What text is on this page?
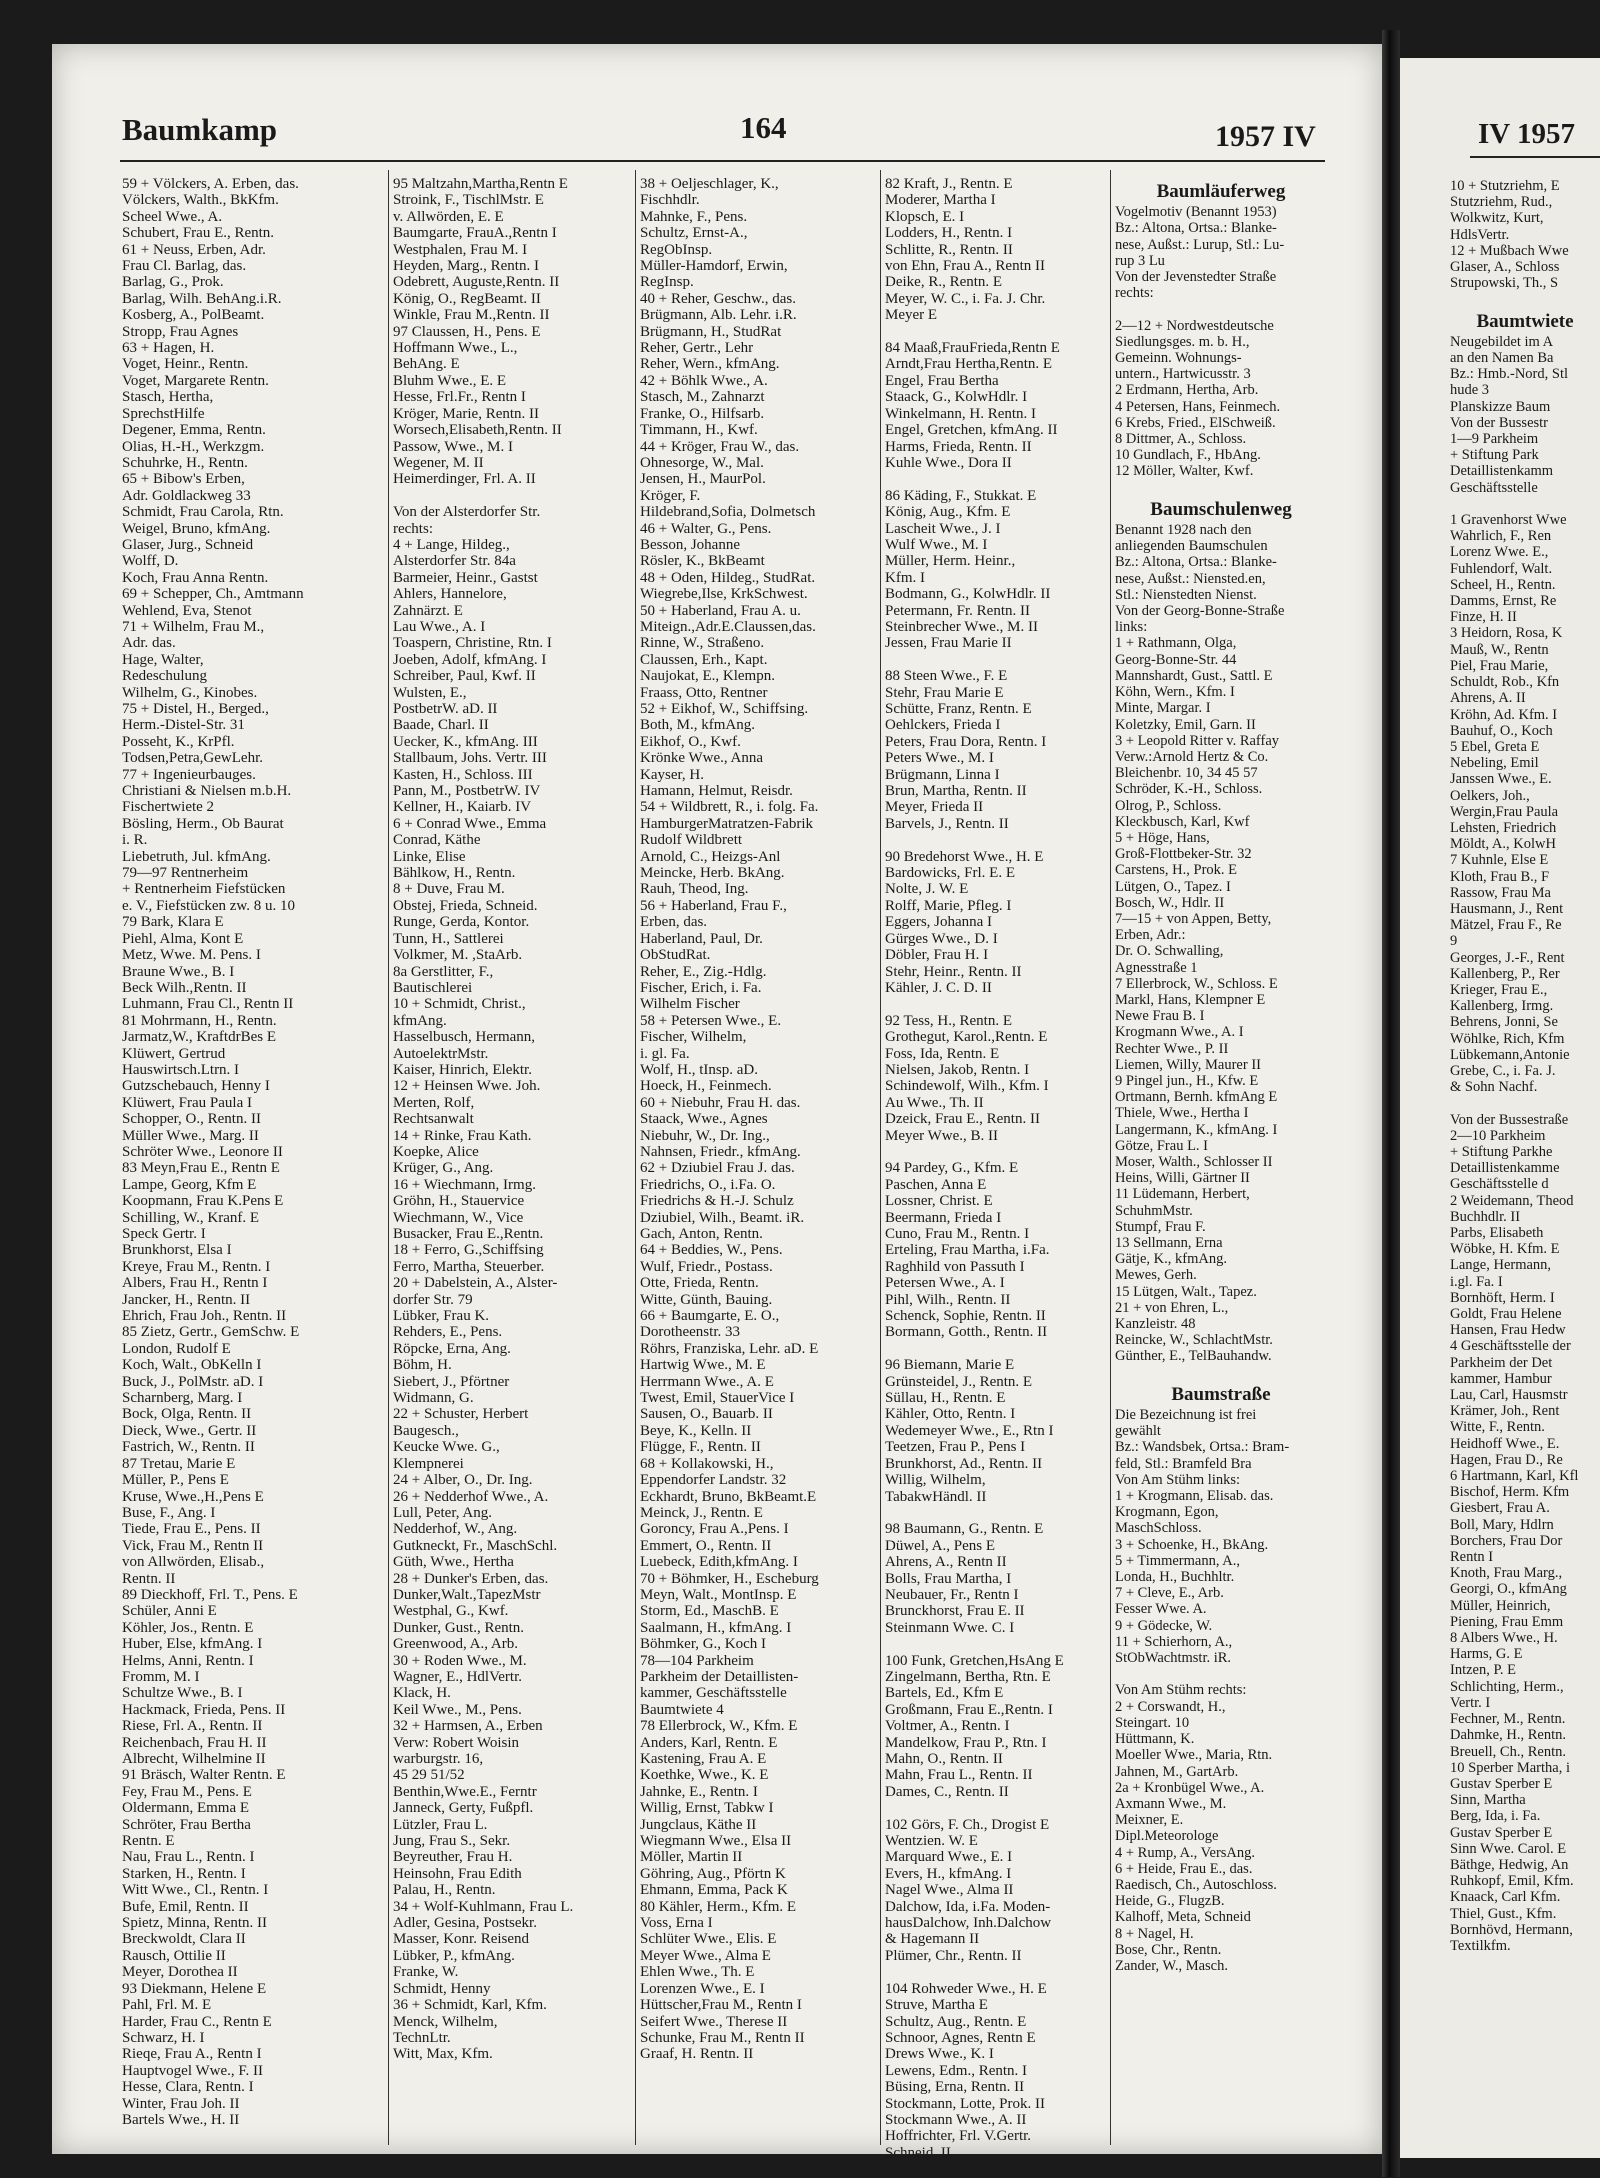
Baumkamp	164	1957 IV	IV 1957
59 + Völckers, A. Erben, das.
Völckers, Walth., BkKfm.
Scheel Wwe., A.
Schubert, Frau E., Rentn.
61 + Neuss, Erben, Adr.
Frau Cl. Barlag, das.
Barlag, G., Prok.
Barlag, Wilh. BehAng.i.R.
Kosberg, A., PolBeamt.
Stropp, Frau Agnes
63 + Hagen, H.
Voget, Heinr., Rentn.
Voget, Margarete Rentn.
Stasch, Hertha,
SprechstHilfe
Degener, Emma, Rentn.
Olias, H.-H., Werkzgm.
Schuhrke, H., Rentn.
65 + Bibow's Erben,
Adr. Goldlackweg 33
Schmidt, Frau Carola, Rtn.
Weigel, Bruno, kfmAng.
Glaser, Jurg., Schneid
Wolff, D.
Koch, Frau Anna Rentn.
69 + Schepper, Ch., Amtmann
Wehlend, Eva, Stenot
71 + Wilhelm, Frau M.,
Adr. das.
Hage, Walter,
Redeschulung
Wilhelm, G., Kinobes.
75 + Distel, H., Berged.,
Herm.-Distel-Str. 31
Posseht, K., KrPfl.
Todsen,Petra,GewLehr.
77 + Ingenieurbauges.
Christiani & Nielsen m.b.H.
Fischertwiete 2
Bösling, Herm., Ob Baurat
i. R.
Liebetruth, Jul. kfmAng.
79—97 Rentnerheim
+ Rentnerheim Fiefstücken
e. V., Fiefstücken zw. 8 u. 10
79 Bark, Klara E
Piehl, Alma, Kont E
Metz, Wwe. M. Pens. I
Braune Wwe., B. I
Beck Wilh.,Rentn. II
Luhmann, Frau Cl., Rentn II
81 Mohrmann, H., Rentn.
Jarmatz,W., KraftdrBes E
Klüwert, Gertrud
Hauswirtsch.Ltrn. I
Gutzschebauch, Henny I
Klüwert, Frau Paula I
Schopper, O., Rentn. II
Müller Wwe., Marg. II
Schröter Wwe., Leonore II
83 Meyn,Frau E., Rentn E
Lampe, Georg, Kfm E
Koopmann, Frau K.Pens E
Schilling, W., Kranf. E
Speck Gertr. I
Brunkhorst, Elsa I
Kreye, Frau M., Rentn. I
Albers, Frau H., Rentn I
Jancker, H., Rentn. II
Ehrich, Frau Joh., Rentn. II
85 Zietz, Gertr., GemSchw. E
London, Rudolf E
Koch, Walt., ObKelln I
Buck, J., PolMstr. aD. I
Scharnberg, Marg. I
Bock, Olga, Rentn. II
Dieck, Wwe., Gertr. II
Fastrich, W., Rentn. II
87 Tretau, Marie E
Müller, P., Pens E
Kruse, Wwe.,H.,Pens E
Buse, F., Ang. I
Tiede, Frau E., Pens. II
Vick, Frau M., Rentn II
von Allwörden, Elisab.,
Rentn. II
89 Dieckhoff, Frl. T., Pens. E
Schüler, Anni E
Köhler, Jos., Rentn. E
Huber, Else, kfmAng. I
Helms, Anni, Rentn. I
Fromm, M. I
Schultze Wwe., B. I
Hackmack, Frieda, Pens. II
Riese, Frl. A., Rentn. II
Reichenbach, Frau H. II
Albrecht, Wilhelmine II
91 Bräsch, Walter Rentn. E
Fey, Frau M., Pens. E
Oldermann, Emma E
Schröter, Frau Bertha
Rentn. E
Nau, Frau L., Rentn. I
Starken, H., Rentn. I
Witt Wwe., Cl., Rentn. I
Bufe, Emil, Rentn. II
Spietz, Minna, Rentn. II
Breckwoldt, Clara II
Rausch, Ottilie II
Meyer, Dorothea II
93 Diekmann, Helene E
Pahl, Frl. M. E
Harder, Frau C., Rentn E
Schwarz, H. I
Rieqe, Frau A., Rentn I
Hauptvogel Wwe., F. II
Hesse, Clara, Rentn. I
Winter, Frau Joh. II
Bartels Wwe., H. II
95 Maltzahn,Martha,Rentn E
Stroink, F., TischlMstr. E
v. Allwörden, E. E
Baumgarte, FrauA.,Rentn I
Westphalen, Frau M. I
Heyden, Marg., Rentn. I
Odebrett, Auguste,Rentn. II
König, O., RegBeamt. II
Winkle, Frau M.,Rentn. II
97 Claussen, H., Pens. E
Hoffmann Wwe., L.,
BehAng. E
Bluhm Wwe., E. E
Hesse, Frl.Fr., Rentn I
Kröger, Marie, Rentn. II
Worsech,Elisabeth,Rentn. II
Passow, Wwe., M. I
Wegener, M. II
Heimerdinger, Frl. A. II

Von der Alsterdorfer Str.
rechts:
4 + Lange, Hildeg.,
Alsterdorfer Str. 84a
Barmeier, Heinr., Gastst
Ahlers, Hannelore,
Zahnärzt. E
Lau Wwe., A. I
Toaspern, Christine, Rtn. I
Joeben, Adolf, kfmAng. I
Schreiber, Paul, Kwf. II
Wulsten, E.,
PostbetrW. aD. II
Baade, Charl. II
Uecker, K., kfmAng. III
Stallbaum, Johs. Vertr. III
Kasten, H., Schloss. III
Pann, M., PostbetrW. IV
Kellner, H., Kaiarb. IV
6 + Conrad Wwe., Emma
Conrad, Käthe
Linke, Elise
Bählkow, H., Rentn.
8 + Duve, Frau M.
Obstej, Frieda, Schneid.
Runge, Gerda, Kontor.
Tunn, H., Sattlerei
Volkmer, M. ,StaArb.
8a Gerstlitter, F.,
Bautischlerei
10 + Schmidt, Christ.,
kfmAng.
Hasselbusch, Hermann,
AutoelektrMstr.
Kaiser, Hinrich, Elektr.
12 + Heinsen Wwe. Joh.
Merten, Rolf,
Rechtsanwalt
14 + Rinke, Frau Kath.
Koepke, Alice
Krüger, G., Ang.
16 + Wiechmann, Irmg.
Gröhn, H., Stauervice
Wiechmann, W., Vice
Busacker, Frau E.,Rentn.
18 + Ferro, G.,Schiffsing
Ferro, Martha, Steuerber.
20 + Dabelstein, A., Alster-
dorfer Str. 79
Lübker, Frau K.
Rehders, E., Pens.
Röpcke, Erna, Ang.
Böhm, H.
Siebert, J., Pförtner
Widmann, G.
22 + Schuster, Herbert
Baugesch.,
Keucke Wwe. G.,
Klempnerei
24 + Alber, O., Dr. Ing.
26 + Nedderhof Wwe., A.
Lull, Peter, Ang.
Nedderhof, W., Ang.
Gutkneckt, Fr., MaschSchl.
Güth, Wwe., Hertha
28 + Dunker's Erben, das.
Dunker,Walt.,TapezMstr
Westphal, G., Kwf.
Dunker, Gust., Rentn.
Greenwood, A., Arb.
30 + Roden Wwe., M.
Wagner, E., HdlVertr.
Klack, H.
Keil Wwe., M., Pens.
32 + Harmsen, A., Erben
Verw: Robert Woisin
warburgstr. 16,
45 29 51/52
Benthin,Wwe.E., Ferntr
Janneck, Gerty, Fußpfl.
Lützler, Frau L.
Jung, Frau S., Sekr.
Beyreuther, Frau H.
Heinsohn, Frau Edith
Palau, H., Rentn.
34 + Wolf-Kuhlmann, Frau L.
Adler, Gesina, Postsekr.
Masser, Konr. Reisend
Lübker, P., kfmAng.
Franke, W.
Schmidt, Henny
36 + Schmidt, Karl, Kfm.
Menck, Wilhelm,
TechnLtr.
Witt, Max, Kfm.
38 + Oeljeschlager, K.,
Fischhdlr.
Mahnke, F., Pens.
Schultz, Ernst-A.,
RegObInsp.
Müller-Hamdorf, Erwin,
RegInsp.
40 + Reher, Geschw., das.
Brügmann, Alb. Lehr. i.R.
Brügmann, H., StudRat
Reher, Gertr., Lehr
Reher, Wern., kfmAng.
42 + Böhlk Wwe., A.
Stasch, M., Zahnarzt
Franke, O., Hilfsarb.
Timmann, H., Kwf.
44 + Kröger, Frau W., das.
Ohnesorge, W., Mal.
Jensen, H., MaurPol.
Kröger, F.
Hildebrand,Sofia, Dolmetsch
46 + Walter, G., Pens.
Besson, Johanne
Rösler, K., BkBeamt
48 + Oden, Hildeg., StudRat.
Wiegrebe,Ilse, KrkSchwest.
50 + Haberland, Frau A. u.
Miteign.,Adr.E.Claussen,das.
Rinne, W., Straßeno.
Claussen, Erh., Kapt.
Naujokat, E., Klempn.
Fraass, Otto, Rentner
52 + Eikhof, W., Schiffsing.
Both, M., kfmAng.
Eikhof, O., Kwf.
Krönke Wwe., Anna
Kayser, H.
Hamann, Helmut, Reisdr.
54 + Wildbrett, R., i. folg. Fa.
HamburgerMatratzen-Fabrik
Rudolf Wildbrett
Arnold, C., Heizgs-Anl
Meincke, Herb. BkAng.
Rauh, Theod, Ing.
56 + Haberland, Frau F.,
Erben, das.
Haberland, Paul, Dr.
ObStudRat.
Reher, E., Zig.-Hdlg.
Fischer, Erich, i. Fa.
Wilhelm Fischer
58 + Petersen Wwe., E.
Fischer, Wilhelm,
i. gl. Fa.
Wolf, H., tInsp. aD.
Hoeck, H., Feinmech.
60 + Niebuhr, Frau H. das.
Staack, Wwe., Agnes
Niebuhr, W., Dr. Ing.,
Nahnsen, Friedr., kfmAng.
62 + Dziubiel Frau J. das.
Friedrichs, O., i.Fa. O.
Friedrichs & H.-J. Schulz
Dziubiel, Wilh., Beamt. iR.
Gach, Anton, Rentn.
64 + Beddies, W., Pens.
Wulf, Friedr., Postass.
Otte, Frieda, Rentn.
Witte, Günth, Bauing.
66 + Baumgarte, E. O.,
Dorotheenstr. 33
Röhrs, Franziska, Lehr. aD. E
Hartwig Wwe., M. E
Herrmann Wwe., A. E
Twest, Emil, StauerVice I
Sausen, O., Bauarb. II
Beye, K., Kelln. II
Flügge, F., Rentn. II
68 + Kollakowski, H.,
Eppendorfer Landstr. 32
Eckhardt, Bruno, BkBeamt.E
Meinck, J., Rentn. E
Goroncy, Frau A.,Pens. I
Emmert, O., Rentn. II
Luebeck, Edith,kfmAng. I
70 + Böhmker, H., Escheburg
Meyn, Walt., MontInsp. E
Storm, Ed., MaschB. E
Saalmann, H., kfmAng. I
Böhmker, G., Koch I
78—104 Parkheim
Parkheim der Detaillisten-
kammer, Geschäftsstelle
Baumtwiete 4
78 Ellerbrock, W., Kfm. E
Anders, Karl, Rentn. E
Kastening, Frau A. E
Koethke, Wwe., K. E
Jahnke, E., Rentn. I
Willig, Ernst, Tabkw I
Jungclaus, Käthe II
Wiegmann Wwe., Elsa II
Möller, Martin II
Göhring, Aug., Pförtn K
Ehmann, Emma, Pack K
80 Kähler, Herm., Kfm. E
Voss, Erna I
Schlüter Wwe., Elis. E
Meyer Wwe., Alma E
Ehlen Wwe., Th. E
Lorenzen Wwe., E. I
Hüttscher,Frau M., Rentn I
Seifert Wwe., Therese II
Schunke, Frau M., Rentn II
Graaf, H. Rentn. II
82 Kraft, J., Rentn. E
Moderer, Martha I
Klopsch, E. I
Lodders, H., Rentn. I
Schlitte, R., Rentn. II
von Ehn, Frau A., Rentn II
Deike, R., Rentn. E
Meyer, W. C., i. Fa. J. Chr.
Meyer E

84 Maaß,FrauFrieda,Rentn E
Arndt,Frau Hertha,Rentn. E
Engel, Frau Bertha
Staack, G., KolwHdlr. I
Winkelmann, H. Rentn. I
Engel, Gretchen, kfmAng. II
Harms, Frieda, Rentn. II
Kuhle Wwe., Dora II

86 Käding, F., Stukkat. E
König, Aug., Kfm. E
Lascheit Wwe., J. I
Wulf Wwe., M. I
Müller, Herm. Heinr.,
Kfm. I
Bodmann, G., KolwHdlr. II
Petermann, Fr. Rentn. II
Steinbrecher Wwe., M. II
Jessen, Frau Marie II

88 Steen Wwe., F. E
Stehr, Frau Marie E
Schütte, Franz, Rentn. E
Oehlckers, Frieda I
Peters, Frau Dora, Rentn. I
Peters Wwe., M. I
Brügmann, Linna I
Brun, Martha, Rentn. II
Meyer, Frieda II
Barvels, J., Rentn. II

90 Bredehorst Wwe., H. E
Bardowicks, Frl. E. E
Nolte, J. W. E
Rolff, Marie, Pfleg. I
Eggers, Johanna I
Gürges Wwe., D. I
Döbler, Frau H. I
Stehr, Heinr., Rentn. II
Kähler, J. C. D. II

92 Tess, H., Rentn. E
Grothegut, Karol.,Rentn. E
Foss, Ida, Rentn. E
Nielsen, Jakob, Rentn. I
Schindewolf, Wilh., Kfm. I
Au Wwe., Th. II
Dzeick, Frau E., Rentn. II
Meyer Wwe., B. II

94 Pardey, G., Kfm. E
Paschen, Anna E
Lossner, Christ. E
Beermann, Frieda I
Cuno, Frau M., Rentn. I
Erteling, Frau Martha, i.Fa.
Raghhild von Passuth I
Petersen Wwe., A. I
Pihl, Wilh., Rentn. II
Schenck, Sophie, Rentn. II
Bormann, Gotth., Rentn. II

96 Biemann, Marie E
Grünsteidel, J., Rentn. E
Süllau, H., Rentn. E
Kähler, Otto, Rentn. I
Wedemeyer Wwe., E., Rtn I
Teetzen, Frau P., Pens I
Brunkhorst, Ad., Rentn. II
Willig, Wilhelm,
TabakwHändl. II

98 Baumann, G., Rentn. E
Düwel, A., Pens E
Ahrens, A., Rentn II
Bolls, Frau Martha, I
Neubauer, Fr., Rentn I
Brunckhorst, Frau E. II
Steinmann Wwe. C. I

100 Funk, Gretchen,HsAng E
Zingelmann, Bertha, Rtn. E
Bartels, Ed., Kfm E
Großmann, Frau E.,Rentn. I
Voltmer, A., Rentn. I
Mandelkow, Frau P., Rtn. I
Mahn, O., Rentn. II
Mahn, Frau L., Rentn. II
Dames, C., Rentn. II

102 Görs, F. Ch., Drogist E
Wentzien. W. E
Marquard Wwe., E. I
Evers, H., kfmAng. I
Nagel Wwe., Alma II
Dalchow, Ida, i.Fa. Moden-
hausDalchow, Inh.Dalchow
& Hagemann II
Plümer, Chr., Rentn. II

104 Rohweder Wwe., H. E
Struve, Martha E
Schultz, Aug., Rentn. E
Schnoor, Agnes, Rentn E
Drews Wwe., K. I
Lewens, Edm., Rentn. I
Büsing, Erna, Rentn. II
Stockmann, Lotte, Prok. II
Stockmann Wwe., A. II
Hoffrichter, Frl. V.Gertr.
Schneid. II
Holz, H., Rentn. I
Baumläuferweg
Vogelmotiv (Benannt 1953)
Bz.: Altona, Ortsa.: Blanke-
nese, Außst.: Lurup, Stl.: Lu-
rup 3 Lu
Von der Jevenstedter Straße
rechts:

2—12 + Nordwestdeutsche
Siedlungsges. m. b. H.,
Gemeinn. Wohnungs-
untern., Hartwicusstr. 3
2 Erdmann, Hertha, Arb.
4 Petersen, Hans, Feinmech.
6 Krebs, Fried., ElSchweiß.
8 Dittmer, A., Schloss.
10 Gundlach, F., HbAng.
12 Möller, Walter, Kwf.

Baumschulenweg
Benannt 1928 nach den
anliegenden Baumschulen
Bz.: Altona, Ortsa.: Blanke-
nese, Außst.: Niensted.en,
Stl.: Nienstedten Nienst.
Von der Georg-Bonne-Straße
links:
1 + Rathmann, Olga,
Georg-Bonne-Str. 44
Mannshardt, Gust., Sattl. E
Köhn, Wern., Kfm. I
Minte, Margar. I
Koletzky, Emil, Garn. II
3 + Leopold Ritter v. Raffay
Verw.:Arnold Hertz & Co.
Bleichenbr. 10, 34 45 57
Schröder, K.-H., Schloss.
Olrog, P., Schloss.
Kleckbusch, Karl, Kwf
5 + Höge, Hans,
Groß-Flottbeker-Str. 32
Carstens, H., Prok. E
Lütgen, O., Tapez. I
Bosch, W., Hdlr. II
7—15 + von Appen, Betty,
Erben, Adr.:
Dr. O. Schwalling,
Agnesstraße 1
7 Ellerbrock, W., Schloss. E
Markl, Hans, Klempner E
Newe Frau B. I
Krogmann Wwe., A. I
Rechter Wwe., P. II
Liemen, Willy, Maurer II
9 Pingel jun., H., Kfw. E
Ortmann, Bernh. kfmAng E
Thiele, Wwe., Hertha I
Langermann, K., kfmAng. I
Götze, Frau L. I
Moser, Walth., Schlosser II
Heins, Willi, Gärtner II
11 Lüdemann, Herbert,
SchuhmMstr.
Stumpf, Frau F.
13 Sellmann, Erna
Gätje, K., kfmAng.
Mewes, Gerh.
15 Lütgen, Walt., Tapez.
21 + von Ehren, L.,
Kanzleistr. 48
Reincke, W., SchlachtMstr.
Günther, E., TelBauhandw.

Baumstraße
Die Bezeichnung ist frei
gewählt
Bz.: Wandsbek, Ortsa.: Bram-
feld, Stl.: Bramfeld Bra
Von Am Stühm links:
1 + Krogmann, Elisab. das.
Krogmann, Egon,
MaschSchloss.
3 + Schoenke, H., BkAng.
5 + Timmermann, A.,
Londa, H., Buchhltr.
7 + Cleve, E., Arb.
Fesser Wwe. A.
9 + Gödecke, W.
11 + Schierhorn, A.,
StObWachtmstr. iR.

Von Am Stühm rechts:
2 + Corswandt, H.,
Steingart. 10
Hüttmann, K.
Moeller Wwe., Maria, Rtn.
Jahnen, M., GartArb.
2a + Kronbügel Wwe., A.
Axmann Wwe., M.
Meixner, E.
Dipl.Meteorologe
4 + Rump, A., VersAng.
6 + Heide, Frau E., das.
Raedisch, Ch., Autoschloss.
Heide, G., FlugzB.
Kalhoff, Meta, Schneid
8 + Nagel, H.
Bose, Chr., Rentn.
Zander, W., Masch.
10 + Stutzriehm, E
Stutzriehm, Rud.,
Wolkwitz, Kurt,
HdlsVertr.
12 + Mußbach Wwe
Glaser, A., Schloss
Strupowski, Th., S

Baumtwiete
Neugebildet im A
an den Namen Ba
Bz.: Hmb.-Nord, Stl
hude 3
Planskizze Baum
Von der Bussestr
1—9 Parkheim
+ Stiftung Park
Detaillistenkamm
Geschäftsstelle

1 Gravenhorst Wwe
Wahrlich, F., Ren
Lorenz Wwe. E.,
Fuhlendorf, Walt.
Scheel, H., Rentn.
Damms, Ernst, Re
Finze, H. II
3 Heidorn, Rosa, K
Mauß, W., Rentn
Piel, Frau Marie,
Schuldt, Rob., Kfn
Ahrens, A. II
Kröhn, Ad. Kfm. I
Bauhuf, O., Koch
5 Ebel, Greta E
Nebeling, Emil
Janssen Wwe., E.
Oelkers, Joh.,
Wergin,Frau Paula
Lehsten, Friedrich
Möldt, A., KolwH
7 Kuhnle, Else E
Kloth, Frau B., F
Rassow, Frau Ma
Hausmann, J., Rent
Mätzel, Frau F., Re
9
Georges, J.-F., Rent
Kallenberg, P., Rer
Krieger, Frau E.,
Kallenberg, Irmg.
Behrens, Jonni, Se
Wöhlke, Rich, Kfm
Lübkemann,Antonie
Grebe, C., i. Fa. J.
& Sohn Nachf.

Von der Bussestraße
2—10 Parkheim
+ Stiftung Parkhe
Detaillistenkamme
Geschäftsstelle d
2 Weidemann, Theod
Buchhdlr. II
Parbs, Elisabeth
Wöbke, H. Kfm. E
Lange, Hermann,
i.gl. Fa. I
Bornhöft, Herm. I
Goldt, Frau Helene
Hansen, Frau Hedw
4 Geschäftsstelle der
Parkheim der Det
kammer, Hambur
Lau, Carl, Hausmstr
Krämer, Joh., Rent
Witte, F., Rentn.
Heidhoff Wwe., E.
Hagen, Frau D., Re
6 Hartmann, Karl, Kfl
Bischof, Herm. Kfm
Giesbert, Frau A.
Boll, Mary, Hdlrn
Borchers, Frau Dor
Rentn I
Knoth, Frau Marg.,
Georgi, O., kfmAng
Müller, Heinrich,
Piening, Frau Emm
8 Albers Wwe., H.
Harms, G. E
Intzen, P. E
Schlichting, Herm.,
Vertr. I
Fechner, M., Rentn.
Dahmke, H., Rentn.
Breuell, Ch., Rentn.
10 Sperber Martha, i
Gustav Sperber E
Sinn, Martha
Berg, Ida, i. Fa.
Gustav Sperber E
Sinn Wwe. Carol. E
Bäthge, Hedwig, An
Ruhkopf, Emil, Kfm.
Knaack, Carl Kfm.
Thiel, Gust., Kfm.
Bornhövd, Hermann,
Textilkfm.
